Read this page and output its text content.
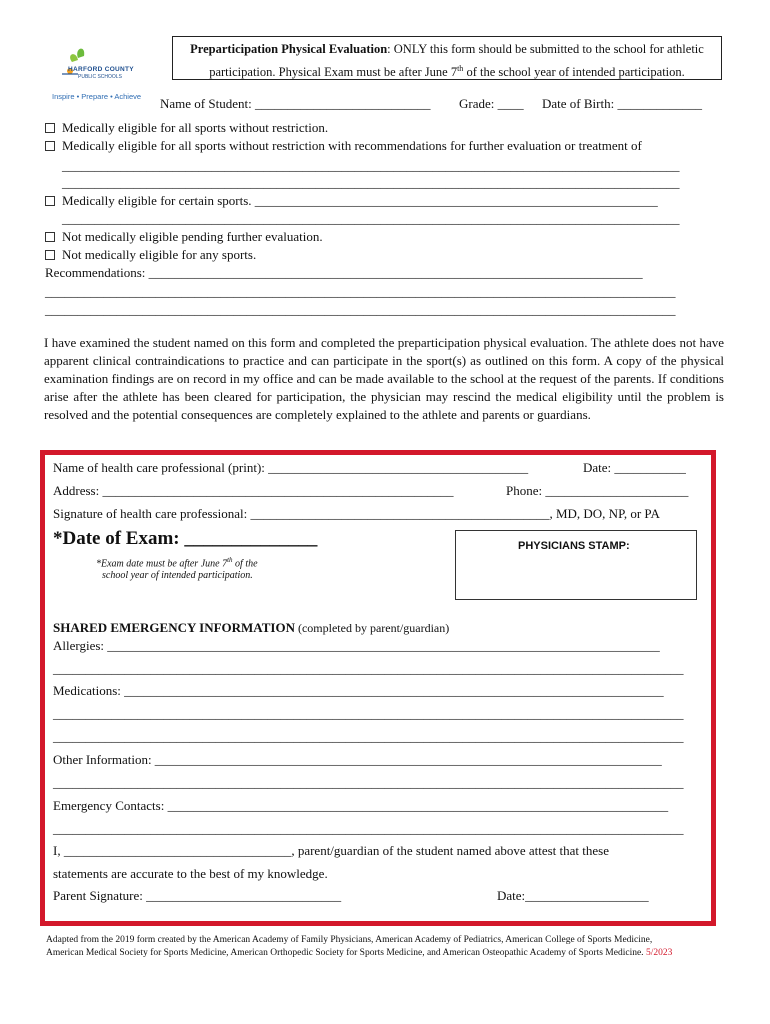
HARFORD COUNTY
PUBLIC SCHOOLS
Inspire • Prepare • Achieve
Preparticipation Physical Evaluation: ONLY this form should be submitted to the school for athletic
participation. Physical Exam must be after June 7th of the school year of intended participation.
Name of Student: ___________________________ Grade: ____ Date of Birth: _____________
Medically eligible for all sports without restriction.
Medically eligible for all sports without restriction with recommendations for further evaluation or treatment of
_______________________________________________________________________________________________
_______________________________________________________________________________________________
Medically eligible for certain sports. ______________________________________________________________
_______________________________________________________________________________________________
Not medically eligible pending further evaluation.
Not medically eligible for any sports.
Recommendations: ____________________________________________________________________________
_________________________________________________________________________________________________
_________________________________________________________________________________________________
I have examined the student named on this form and completed the preparticipation physical evaluation. The athlete does not have apparent clinical contraindications to practice and can participate in the sport(s) as outlined on this form. A copy of the physical examination findings are on record in my office and can be made available to the school at the request of the parents. If conditions arise after the athlete has been cleared for participation, the physician may rescind the medical eligibility until the problem is resolved and the potential consequences are completely explained to the athlete and parents or guardians.
Name of health care professional (print): ________________________________________	Date: ___________
Address: ______________________________________________________	Phone: ______________________
Signature of health care professional: ______________________________________________, MD, DO, NP, or PA
*Date of Exam: ______________
*Exam date must be after June 7th of the
school year of intended participation.
PHYSICIANS STAMP:
SHARED EMERGENCY INFORMATION (completed by parent/guardian)
Allergies: _____________________________________________________________________________________
_________________________________________________________________________________________________
Medications: ___________________________________________________________________________________
_________________________________________________________________________________________________
_________________________________________________________________________________________________
Other Information: ______________________________________________________________________________
_________________________________________________________________________________________________
Emergency Contacts: _____________________________________________________________________________
_________________________________________________________________________________________________
I, ___________________________________, parent/guardian of the student named above attest that these
statements are accurate to the best of my knowledge.
Parent Signature: ______________________________	Date:___________________
Adapted from the 2019 form created by the American Academy of Family Physicians, American Academy of Pediatrics, American College of Sports Medicine,
American Medical Society for Sports Medicine, American Orthopedic Society for Sports Medicine, and American Osteopathic Academy of Sports Medicine. 5/2023
